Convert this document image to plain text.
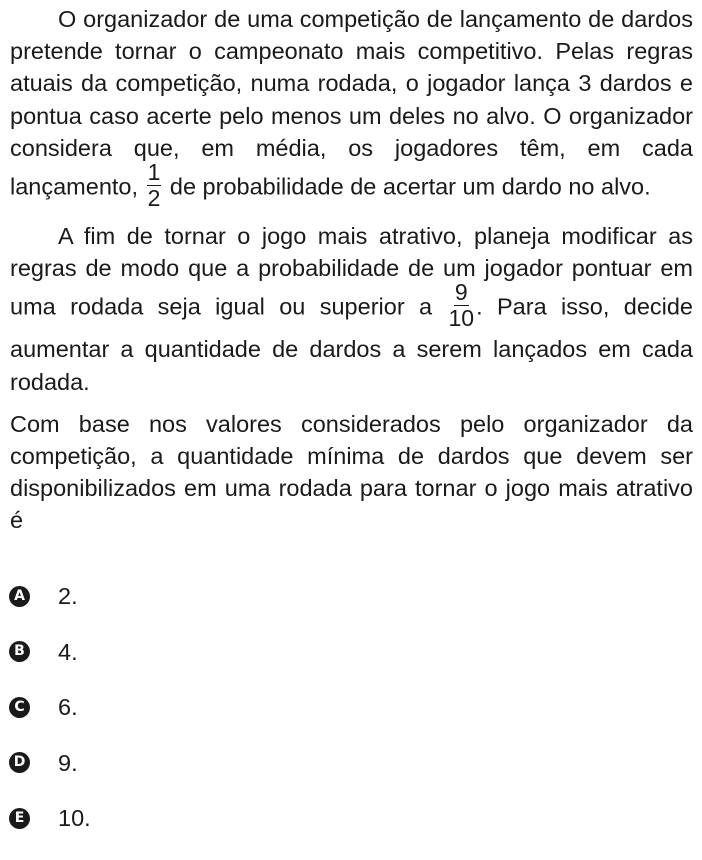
O organizador de uma competição de lançamento de dardos pretende tornar o campeonato mais competitivo. Pelas regras atuais da competição, numa rodada, o jogador lança 3 dardos e pontua caso acerte pelo menos um deles no alvo. O organizador considera que, em média, os jogadores têm, em cada lançamento, $\frac{1}{2}$ de probabilidade de acertar um dardo no alvo.

A fim de tornar o jogo mais atrativo, planeja modificar as regras de modo que a probabilidade de um jogador pontuar em uma rodada seja igual ou superior a $\frac{9}{10}$ . Para isso, decide aumentar a quantidade de dardos a serem lançados em cada rodada.

Com base nos valores considerados pelo organizador da competição, a quantidade mínima de dardos que devem ser disponibilizados em uma rodada para tornar o jogo mais atrativo é

A 2.
B 4.
C 6.
D 9.
E 10.
